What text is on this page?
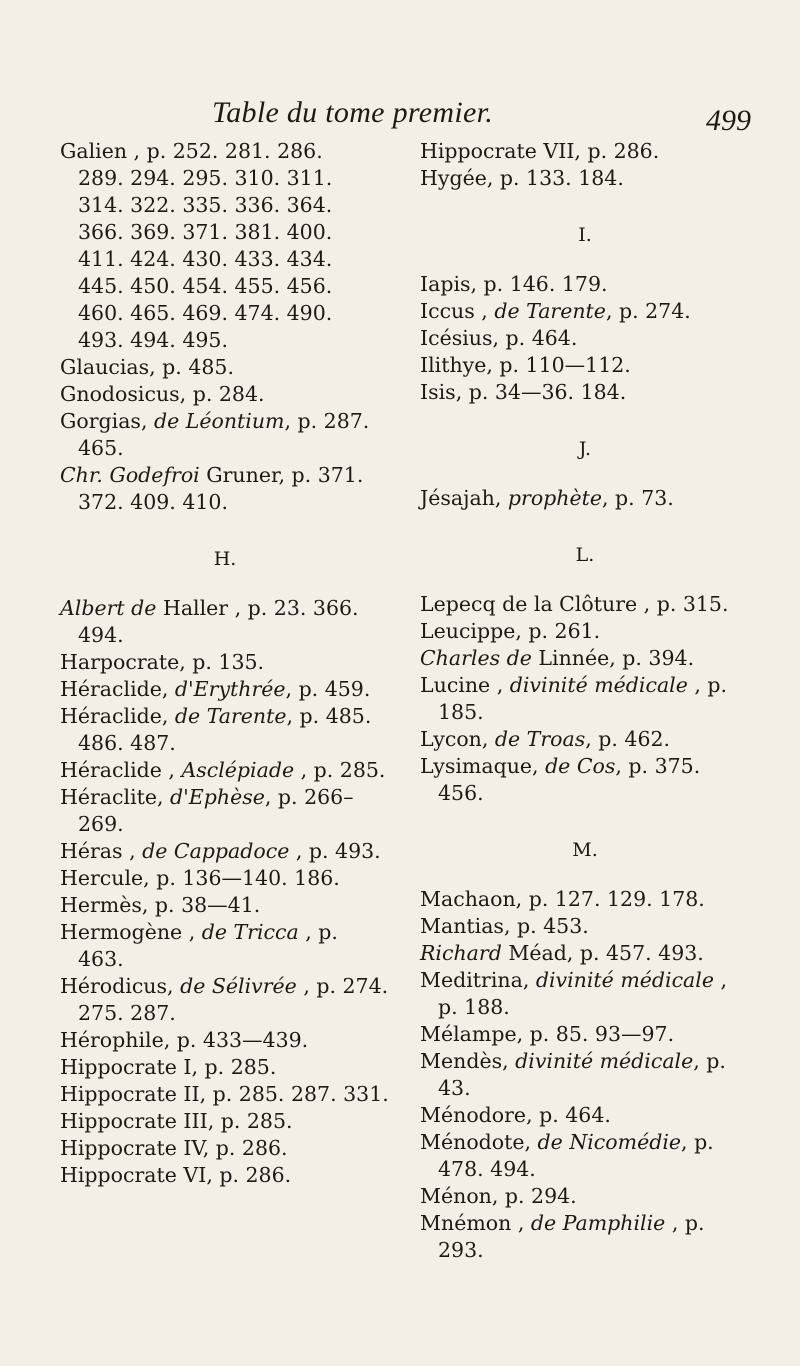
Table du tome premier.	499

Galien , p. 252. 281. 286.
289. 294. 295. 310. 311.
314. 322. 335. 336. 364.
366. 369. 371. 381. 400.
411. 424. 430. 433. 434.
445. 450. 454. 455. 456.
460. 465. 469. 474. 490.
493. 494. 495.

Glaucias, p. 485.

Gnodosicus, p. 284.

Gorgias, de Léontium, p. 287. 465.

Chr. Godefroi Gruner, p. 371. 372. 409. 410.

H.

Albert de Haller , p. 23. 366. 494.

Harpocrate, p. 135.

Héraclide, d'Erythrée, p. 459.

Héraclide, de Tarente, p. 485. 486. 487.

Héraclide , Asclépiade , p. 285.

Héraclite, d'Ephèse, p. 266–269.

Héras , de Cappadoce , p. 493.

Hercule, p. 136—140. 186.

Hermès, p. 38—41.

Hermogène , de Tricca , p. 463.

Hérodicus, de Sélivrée , p. 274. 275. 287.

Hérophile, p. 433—439.

Hippocrate I, p. 285.

Hippocrate II, p. 285. 287. 331.

Hippocrate III, p. 285.

Hippocrate IV, p. 286.

Hippocrate VI, p. 286.

Hippocrate VII, p. 286.

Hygée, p. 133. 184.

I.

Iapis, p. 146. 179.

Iccus , de Tarente, p. 274.

Icésius, p. 464.

Ilithye, p. 110—112.

Isis, p. 34—36. 184.

J.

Jésajah, prophète, p. 73.

L.

Lepecq de la Clôture , p. 315.

Leucippe, p. 261.

Charles de Linnée, p. 394.

Lucine , divinité médicale , p. 185.

Lycon, de Troas, p. 462.

Lysimaque, de Cos, p. 375. 456.

M.

Machaon, p. 127. 129. 178.

Mantias, p. 453.

Richard Méad, p. 457. 493.

Meditrina, divinité médicale , p. 188.

Mélampe, p. 85. 93—97.

Mendès, divinité médicale, p. 43.

Ménodore, p. 464.

Ménodote, de Nicomédie, p. 478. 494.

Ménon, p. 294.

Mnémon , de Pamphilie , p. 293.
